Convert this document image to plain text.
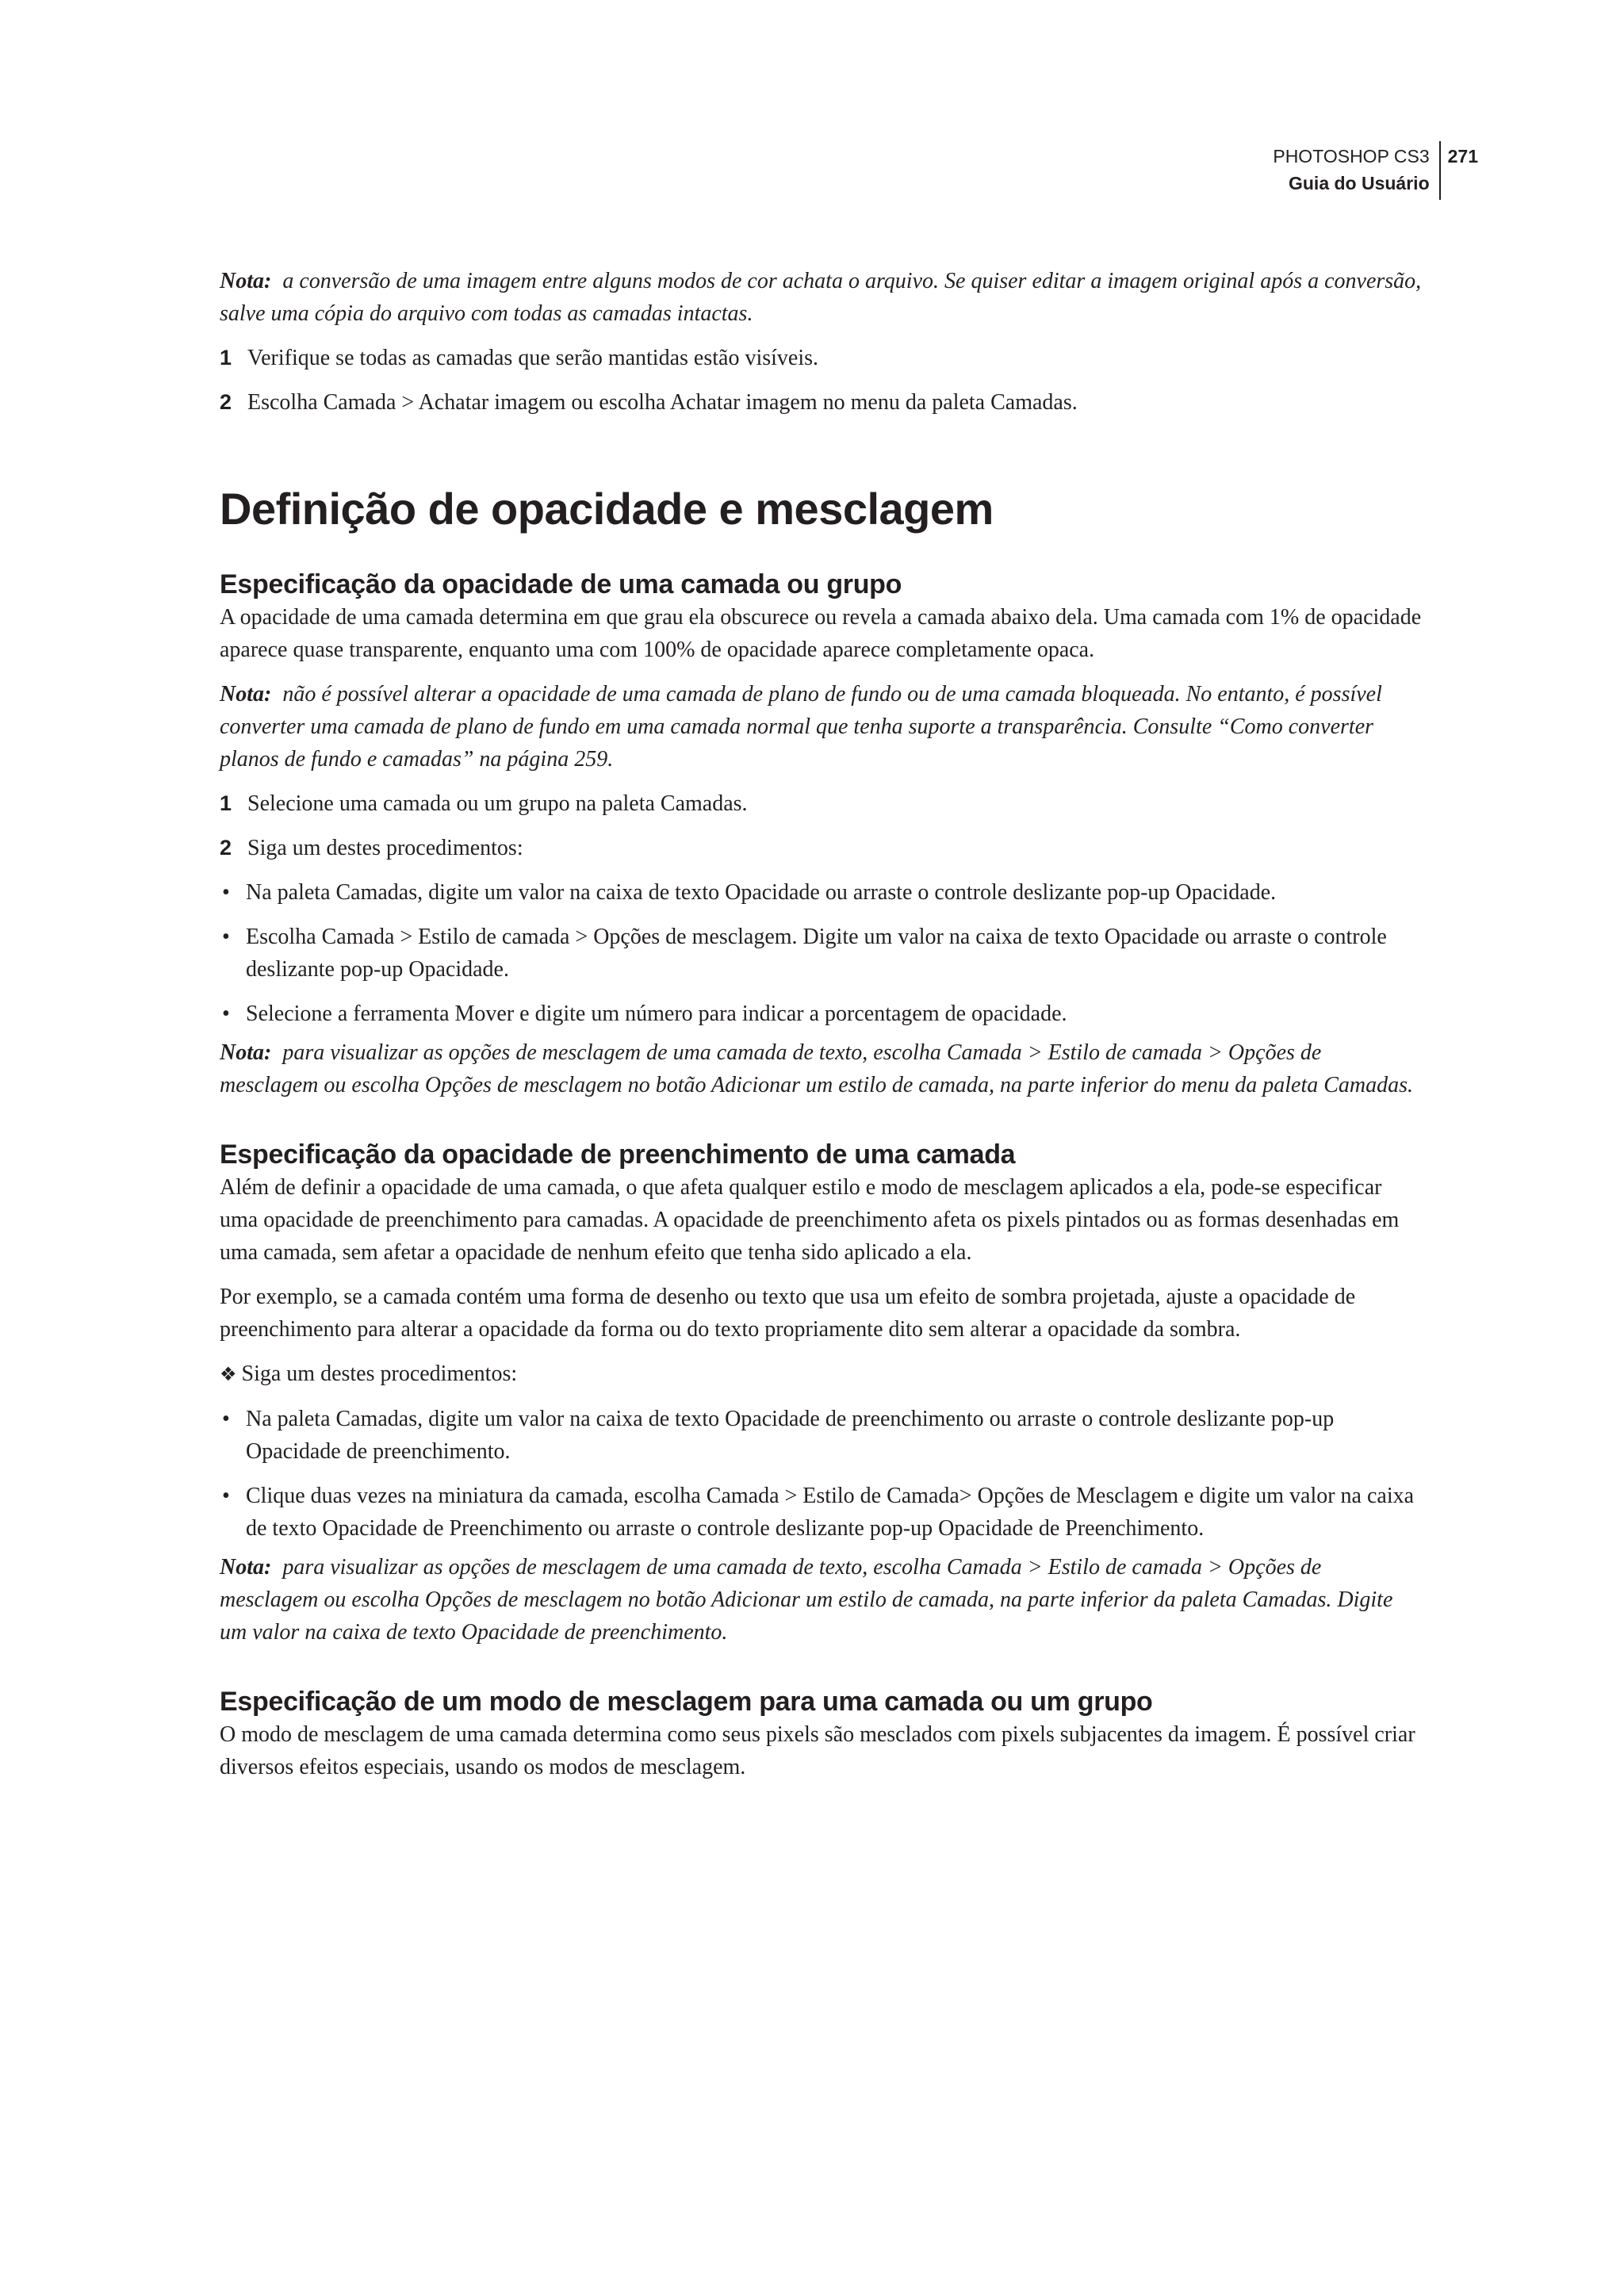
PHOTOSHOP CS3
Guia do Usuário
271

Nota: a conversão de uma imagem entre alguns modos de cor achata o arquivo. Se quiser editar a imagem original após a conversão, salve uma cópia do arquivo com todas as camadas intactas.

1 Verifique se todas as camadas que serão mantidas estão visíveis.
2 Escolha Camada > Achatar imagem ou escolha Achatar imagem no menu da paleta Camadas.
Definição de opacidade e mesclagem
Especificação da opacidade de uma camada ou grupo

A opacidade de uma camada determina em que grau ela obscurece ou revela a camada abaixo dela. Uma camada com 1% de opacidade aparece quase transparente, enquanto uma com 100% de opacidade aparece completamente opaca.

Nota: não é possível alterar a opacidade de uma camada de plano de fundo ou de uma camada bloqueada. No entanto, é possível converter uma camada de plano de fundo em uma camada normal que tenha suporte a transparência. Consulte “Como converter planos de fundo e camadas” na página 259.

1 Selecione uma camada ou um grupo na paleta Camadas.
2 Siga um destes procedimentos:
• Na paleta Camadas, digite um valor na caixa de texto Opacidade ou arraste o controle deslizante pop-up Opacidade.
• Escolha Camada > Estilo de camada > Opções de mesclagem. Digite um valor na caixa de texto Opacidade ou arraste o controle deslizante pop-up Opacidade.
• Selecione a ferramenta Mover e digite um número para indicar a porcentagem de opacidade.

Nota: para visualizar as opções de mesclagem de uma camada de texto, escolha Camada > Estilo de camada > Opções de mesclagem ou escolha Opções de mesclagem no botão Adicionar um estilo de camada, na parte inferior do menu da paleta Camadas.

Especificação da opacidade de preenchimento de uma camada

Além de definir a opacidade de uma camada, o que afeta qualquer estilo e modo de mesclagem aplicados a ela, pode-se especificar uma opacidade de preenchimento para camadas. A opacidade de preenchimento afeta os pixels pintados ou as formas desenhadas em uma camada, sem afetar a opacidade de nenhum efeito que tenha sido aplicado a ela.

Por exemplo, se a camada contém uma forma de desenho ou texto que usa um efeito de sombra projetada, ajuste a opacidade de preenchimento para alterar a opacidade da forma ou do texto propriamente dito sem alterar a opacidade da sombra.

❖ Siga um destes procedimentos:

• Na paleta Camadas, digite um valor na caixa de texto Opacidade de preenchimento ou arraste o controle deslizante pop-up Opacidade de preenchimento.
• Clique duas vezes na miniatura da camada, escolha Camada > Estilo de Camada> Opções de Mesclagem e digite um valor na caixa de texto Opacidade de Preenchimento ou arraste o controle deslizante pop-up Opacidade de Preenchimento.

Nota: para visualizar as opções de mesclagem de uma camada de texto, escolha Camada > Estilo de camada > Opções de mesclagem ou escolha Opções de mesclagem no botão Adicionar um estilo de camada, na parte inferior da paleta Camadas. Digite um valor na caixa de texto Opacidade de preenchimento.

Especificação de um modo de mesclagem para uma camada ou um grupo

O modo de mesclagem de uma camada determina como seus pixels são mesclados com pixels subjacentes da imagem. É possível criar diversos efeitos especiais, usando os modos de mesclagem.
